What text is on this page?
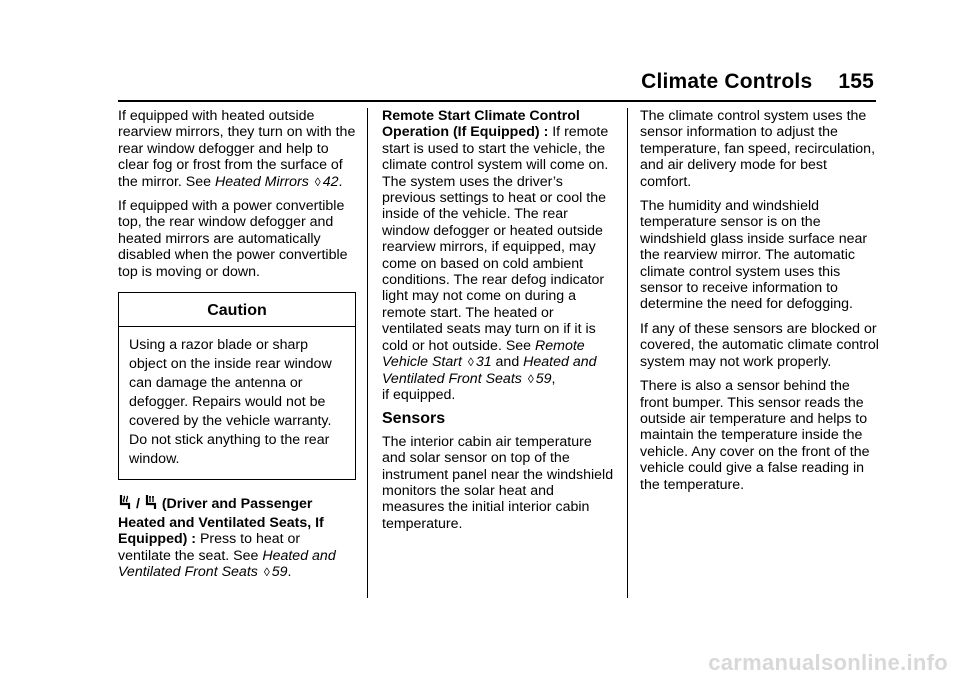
Climate Controls 155

If equipped with heated outside rearview mirrors, they turn on with the rear window defogger and help to clear fog or frost from the surface of the mirror. See Heated Mirrors ◊ 42.

If equipped with a power convertible top, the rear window defogger and heated mirrors are automatically disabled when the power convertible top is moving or down.

Caution
Using a razor blade or sharp object on the inside rear window can damage the antenna or defogger. Repairs would not be covered by the vehicle warranty. Do not stick anything to the rear window.

/ (Driver and Passenger Heated and Ventilated Seats, If Equipped) : Press to heat or ventilate the seat. See Heated and Ventilated Front Seats ◊ 59.

Remote Start Climate Control Operation (If Equipped) : If remote start is used to start the vehicle, the climate control system will come on. The system uses the driver’s previous settings to heat or cool the inside of the vehicle. The rear window defogger or heated outside rearview mirrors, if equipped, may come on based on cold ambient conditions. The rear defog indicator light may not come on during a remote start. The heated or ventilated seats may turn on if it is cold or hot outside. See Remote Vehicle Start ◊ 31 and Heated and Ventilated Front Seats ◊ 59,
if equipped.

Sensors

The interior cabin air temperature and solar sensor on top of the instrument panel near the windshield monitors the solar heat and measures the initial interior cabin temperature.

The climate control system uses the sensor information to adjust the temperature, fan speed, recirculation, and air delivery mode for best comfort.

The humidity and windshield temperature sensor is on the windshield glass inside surface near the rearview mirror. The automatic climate control system uses this sensor to receive information to determine the need for defogging.

If any of these sensors are blocked or covered, the automatic climate control system may not work properly.

There is also a sensor behind the front bumper. This sensor reads the outside air temperature and helps to maintain the temperature inside the vehicle. Any cover on the front of the vehicle could give a false reading in the temperature.

carmanualsonline.info
